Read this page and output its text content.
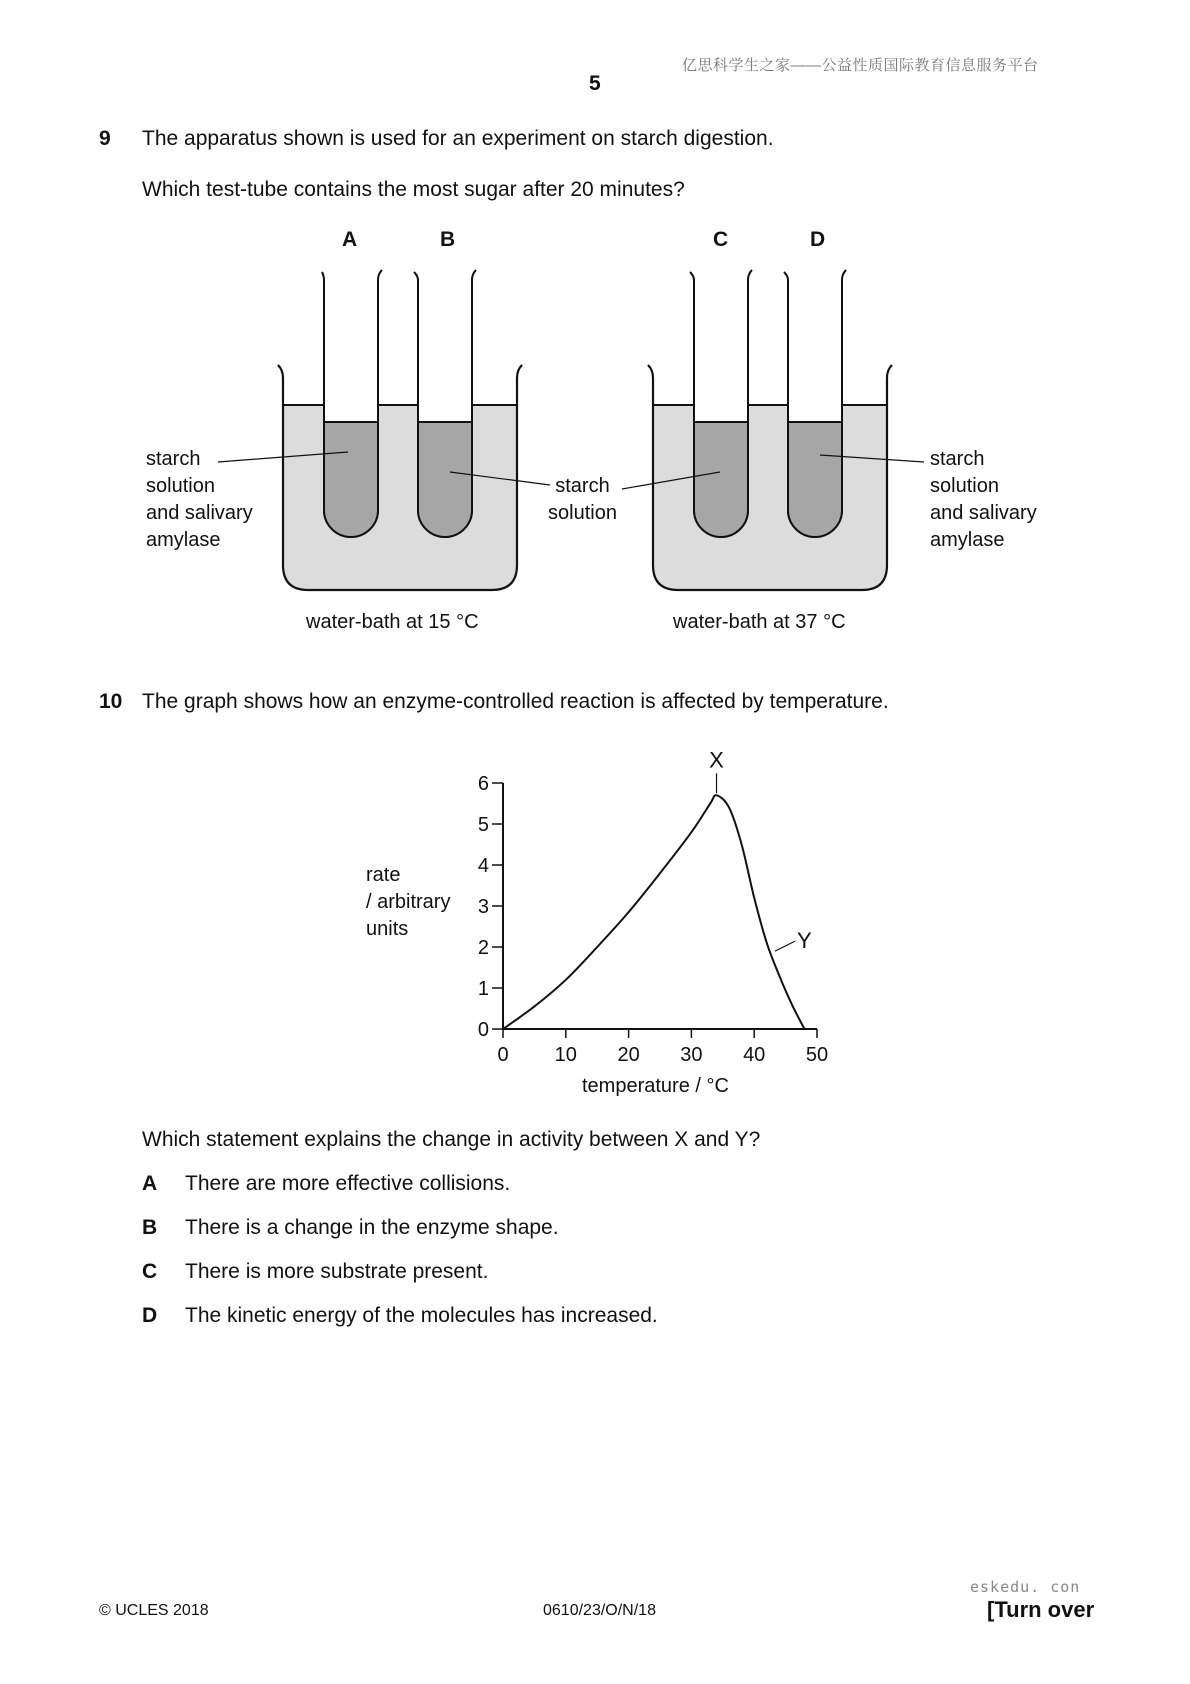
亿思科学生之家——公益性质国际教育信息服务平台
5
9 The apparatus shown is used for an experiment on starch digestion.
Which test-tube contains the most sugar after 20 minutes?
A	B	C	D
starch
solution
and salivary
amylase
starch
solution
starch
solution
and salivary
amylase
water-bath at 15 °C	water-bath at 37 °C
10 The graph shows how an enzyme-controlled reaction is affected by temperature.
rate
/ arbitrary
units
0 10 20 30 40 50
0
1
2
3
4
5
6
X
Y
temperature / °C
Which statement explains the change in activity between X and Y?
A There are more effective collisions.
B There is a change in the enzyme shape.
C There is more substrate present.
D The kinetic energy of the molecules has increased.
eskedu. con
© UCLES 2018	0610/23/O/N/18	[Turn over
